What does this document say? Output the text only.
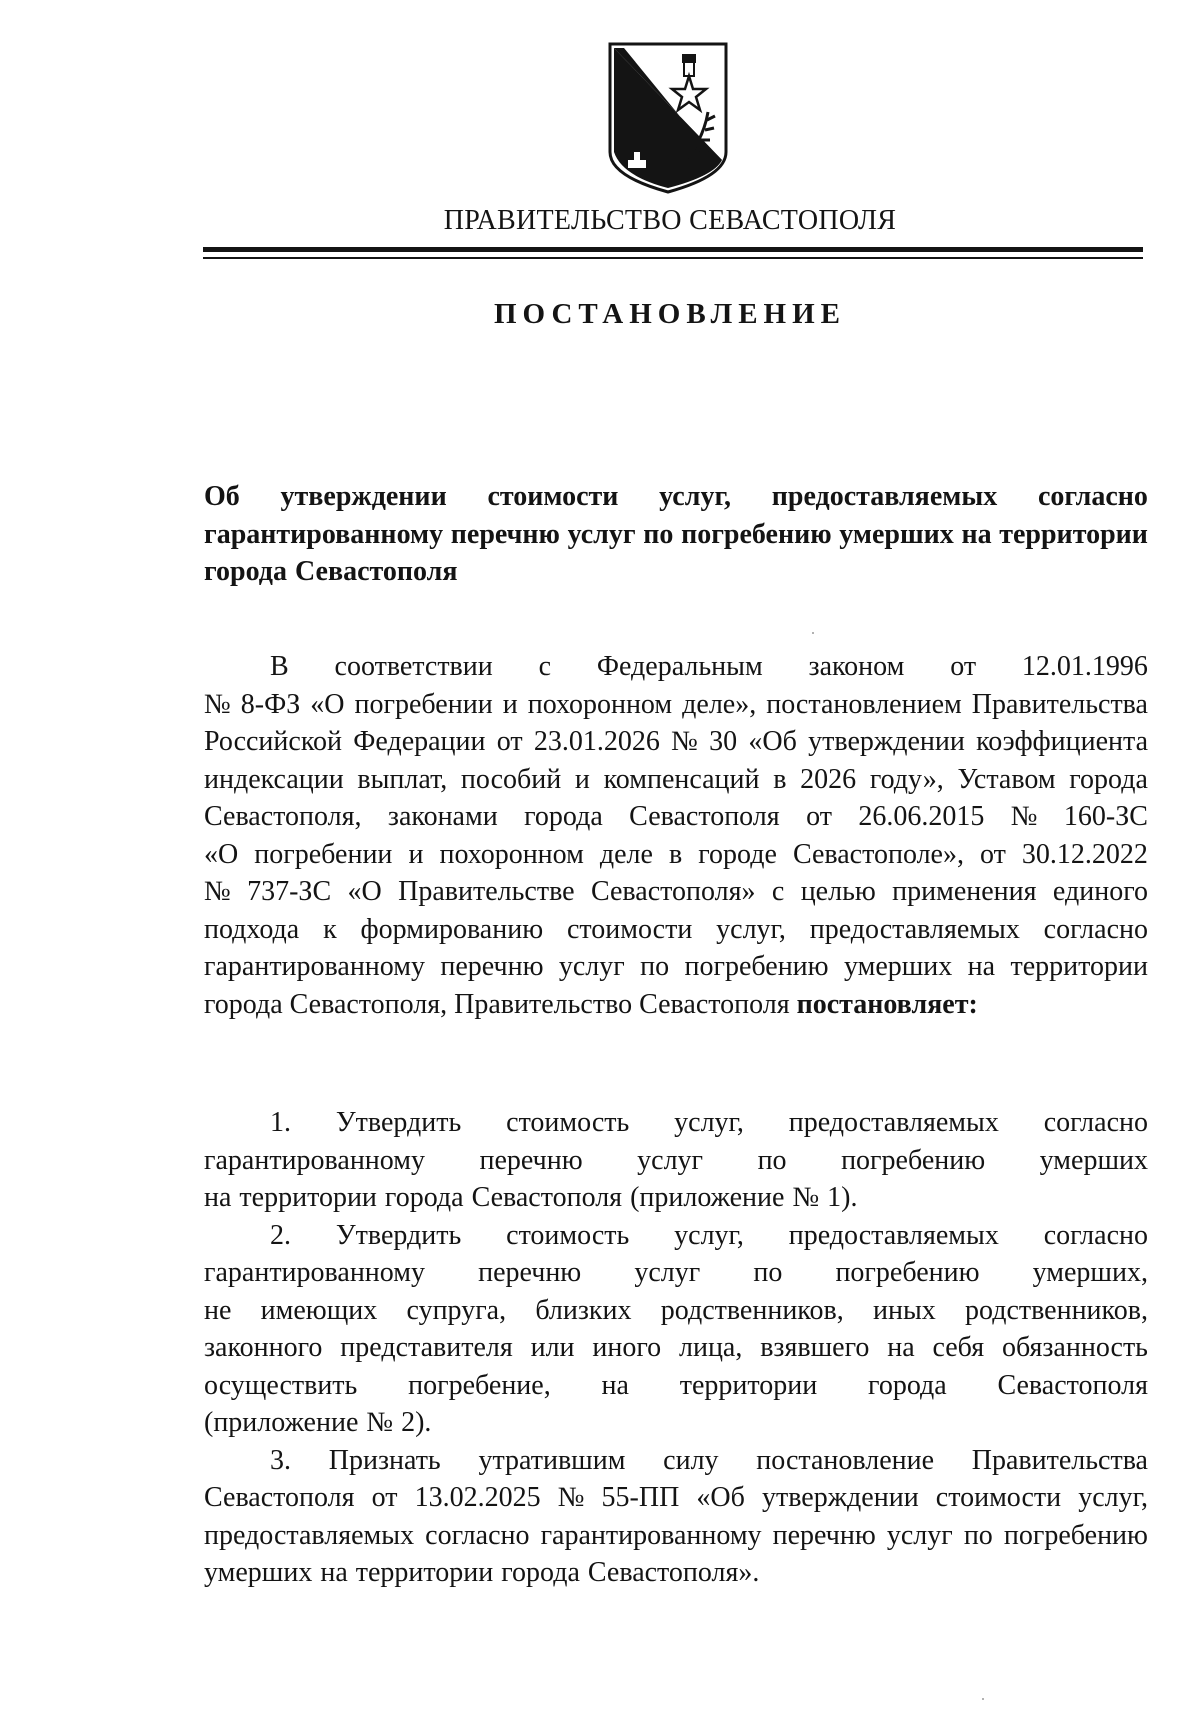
ПРАВИТЕЛЬСТВО СЕВАСТОПОЛЯ
ПОСТАНОВЛЕНИЕ
Об утверждении стоимости услуг, предоставляемых согласно
гарантированному перечню услуг по погребению умерших на территории
города Севастополя
В соответствии с Федеральным законом от 12.01.1996
№ 8-ФЗ «О погребении и похоронном деле», постановлением Правительства
Российской Федерации от 23.01.2026 № 30 «Об утверждении коэффициента
индексации выплат, пособий и компенсаций в 2026 году», Уставом города
Севастополя, законами города Севастополя от 26.06.2015 № 160-ЗС
«О погребении и похоронном деле в городе Севастополе», от 30.12.2022
№ 737-ЗС «О Правительстве Севастополя» с целью применения единого
подхода к формированию стоимости услуг, предоставляемых согласно
гарантированному перечню услуг по погребению умерших на территории
города Севастополя, Правительство Севастополя
постановляет:
1. Утвердить стоимость услуг, предоставляемых согласно
гарантированному перечню услуг по погребению умерших
на территории города Севастополя (приложение № 1).
2. Утвердить стоимость услуг, предоставляемых согласно
гарантированному перечню услуг по погребению умерших,
не имеющих супруга, близких родственников, иных родственников,
законного представителя или иного лица, взявшего на себя обязанность
осуществить погребение, на территории города Севастополя
(приложение № 2).
3. Признать утратившим силу постановление Правительства
Севастополя от 13.02.2025 № 55-ПП «Об утверждении стоимости услуг,
предоставляемых согласно гарантированному перечню услуг по погребению
умерших на территории города Севастополя».
